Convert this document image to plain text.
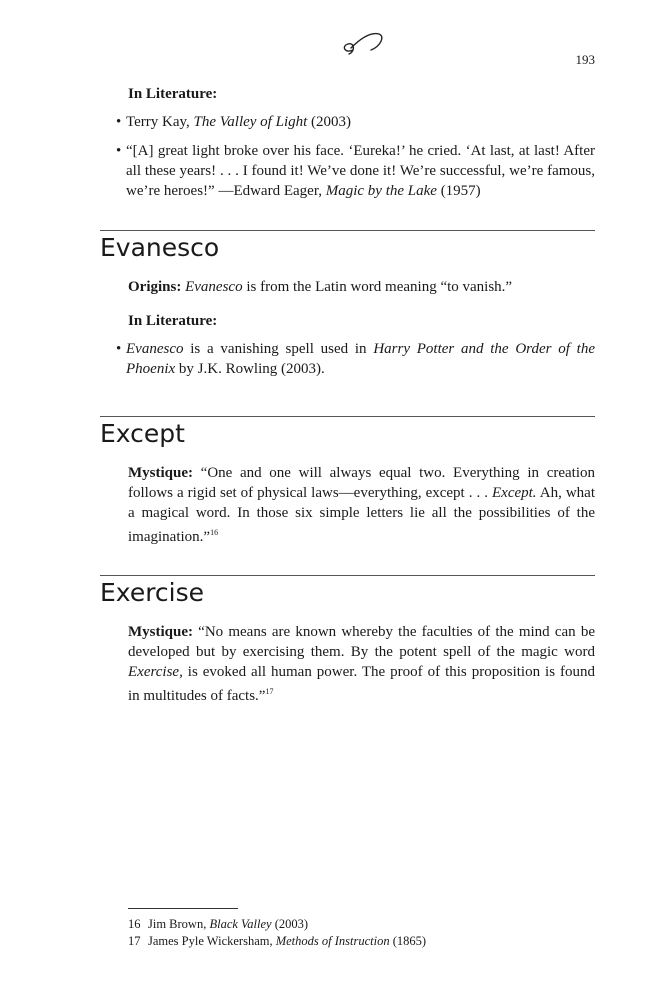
193

In Literature:

• Terry Kay, The Valley of Light (2003)

• “[A] great light broke over his face. ‘Eureka!’ he cried. ‘At last, at last! After all these years! . . . I found it! We’ve done it! We’re successful, we’re famous, we’re heroes!” —Edward Eager, Magic by the Lake (1957)

Evanesco

Origins: Evanesco is from the Latin word meaning “to vanish.”

In Literature:

• Evanesco is a vanishing spell used in Harry Potter and the Order of the Phoenix by J.K. Rowling (2003).

Except

Mystique: “One and one will always equal two. Everything in creation follows a rigid set of physical laws—everything, except . . . Except. Ah, what a magical word. In those six simple letters lie all the possibilities of the imagination.”$^{16}$

Exercise

Mystique: “No means are known whereby the faculties of the mind can be developed but by exercising them. By the potent spell of the magic word Exercise, is evoked all human power. The proof of this proposition is found in multitudes of facts.”$^{17}$

16 Jim Brown, Black Valley (2003)
17 James Pyle Wickersham, Methods of Instruction (1865)
